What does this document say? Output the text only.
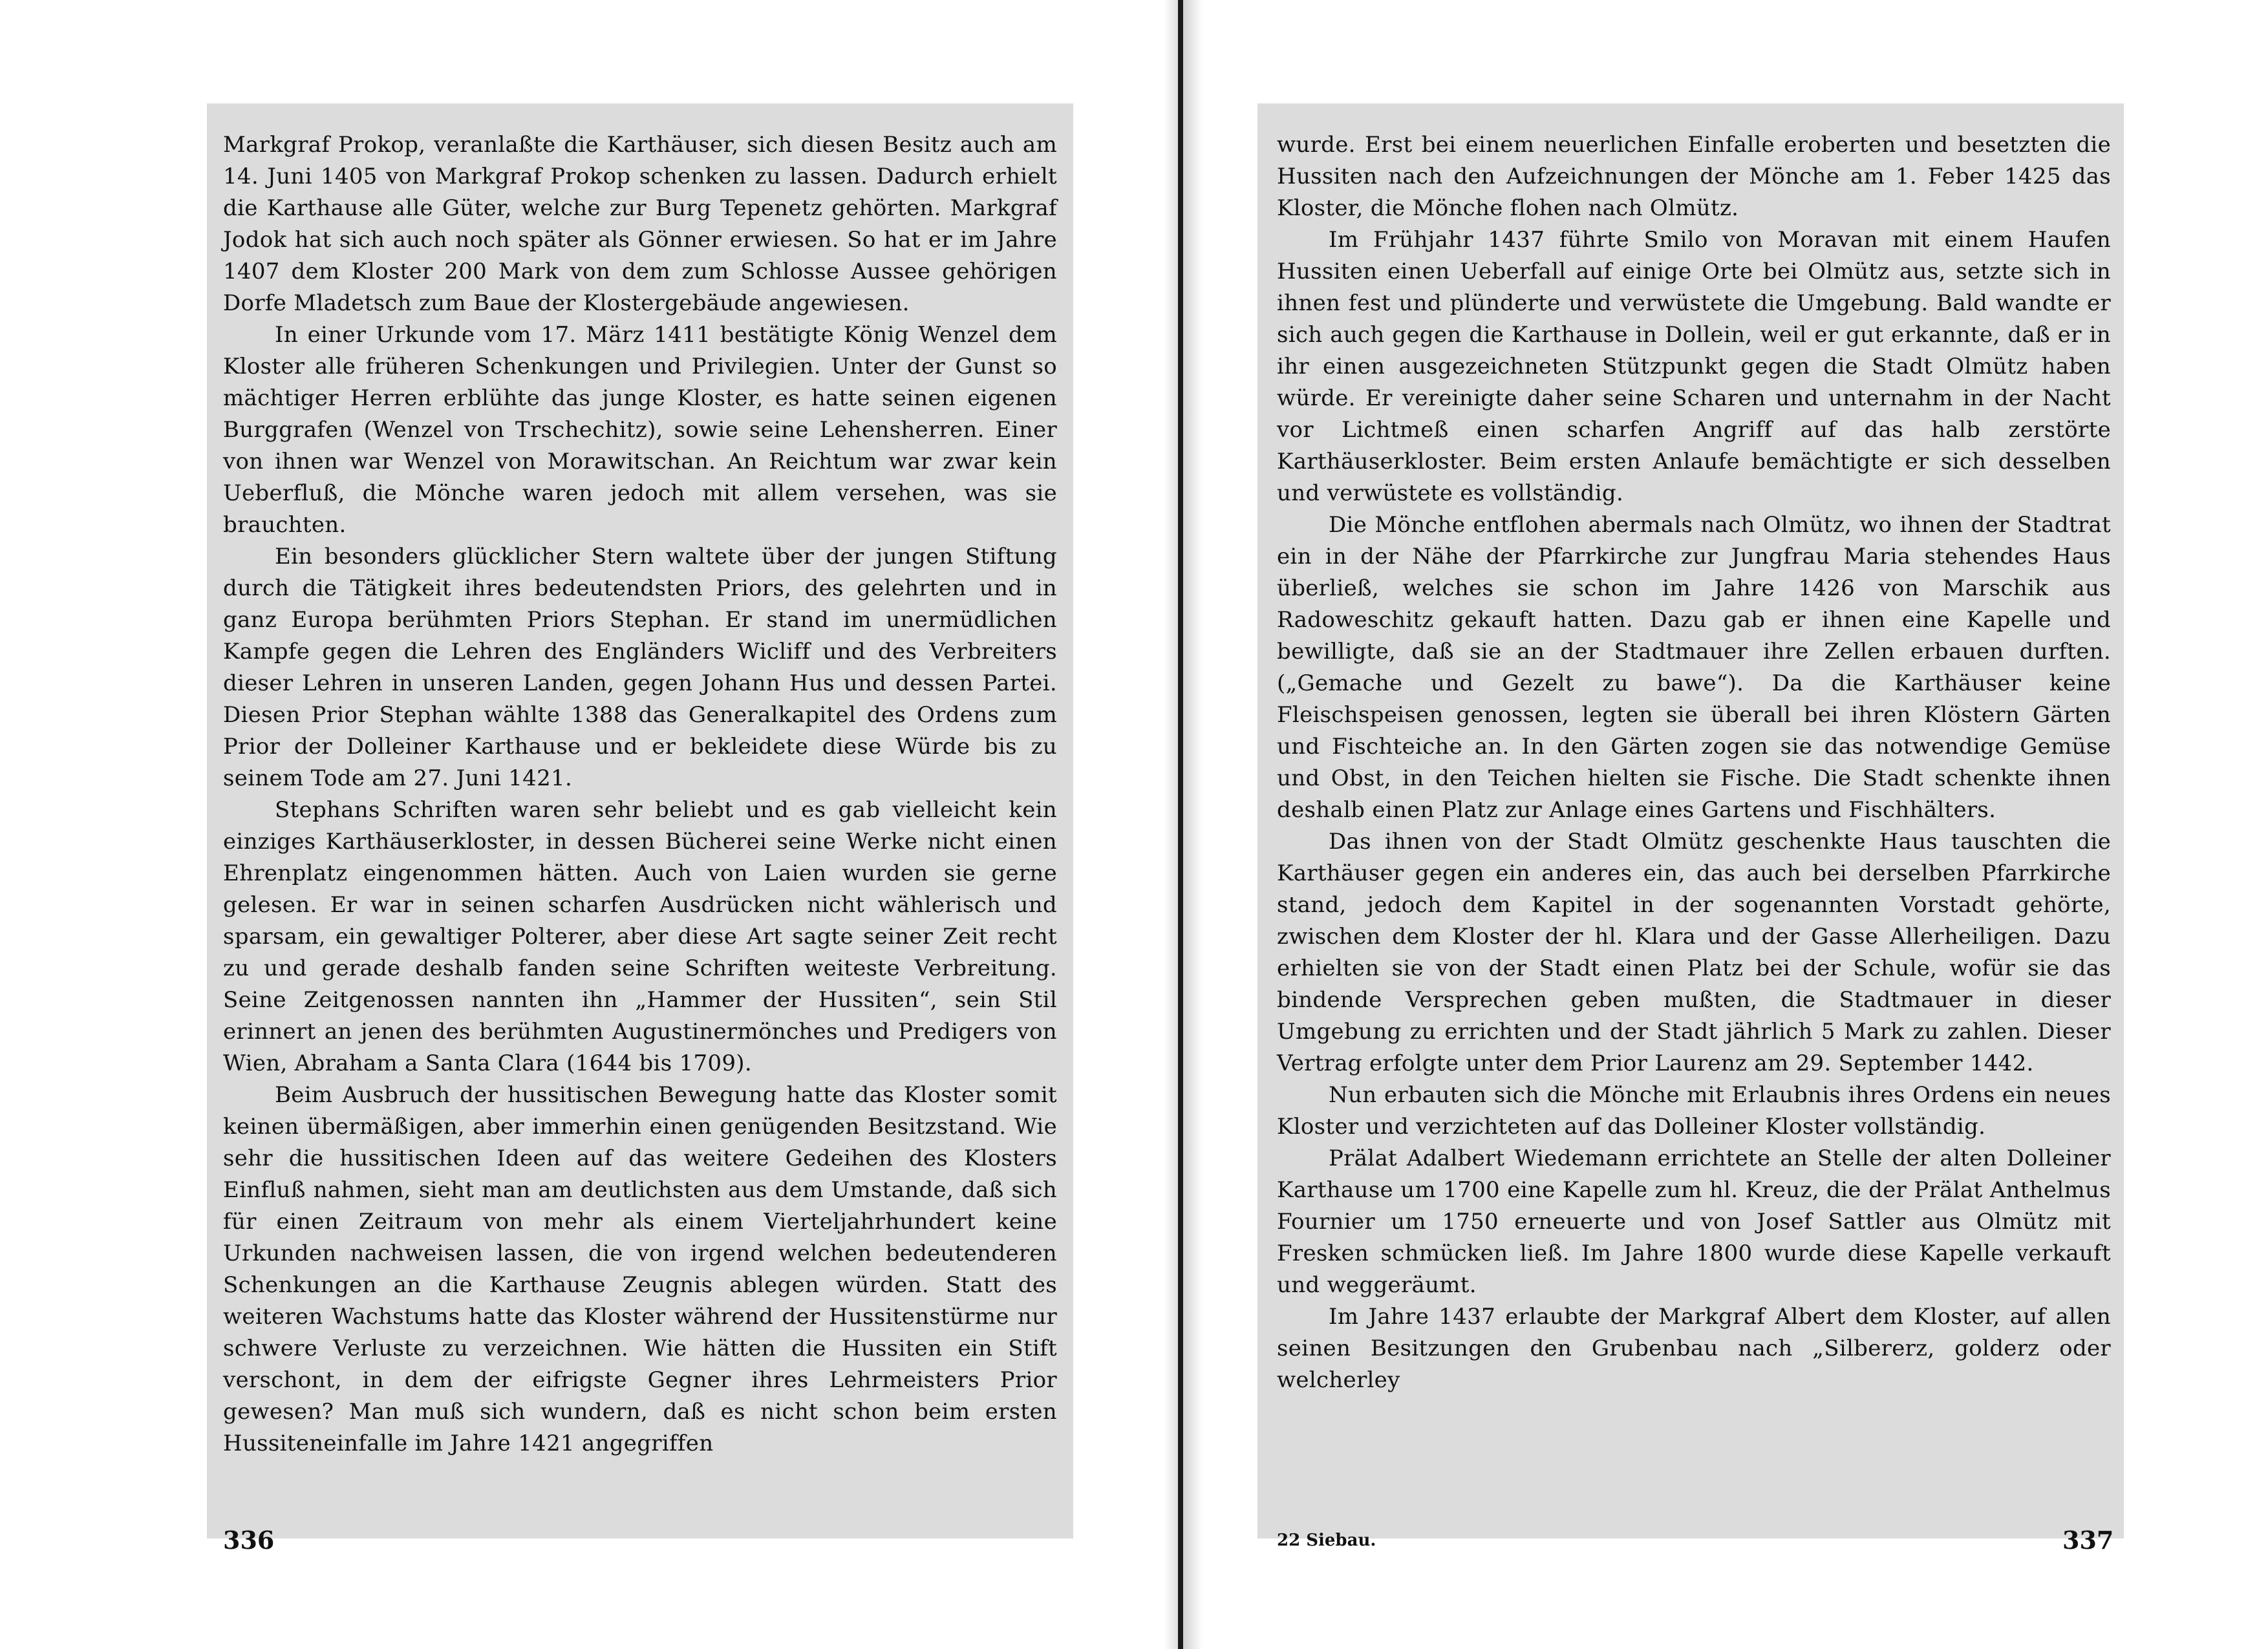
Markgraf Prokop, veranlaßte die Karthäuser, sich diesen Besitz auch am 14. Juni 1405 von Markgraf Prokop schenken zu lassen. Dadurch erhielt die Karthause alle Güter, welche zur Burg Tepenetz gehörten. Markgraf Jodok hat sich auch noch später als Gönner erwiesen. So hat er im Jahre 1407 dem Kloster 200 Mark von dem zum Schlosse Aussee gehörigen Dorfe Mladetsch zum Baue der Klostergebäude angewiesen.

In einer Urkunde vom 17. März 1411 bestätigte König Wenzel dem Kloster alle früheren Schenkungen und Privilegien. Unter der Gunst so mächtiger Herren erblühte das junge Kloster, es hatte seinen eigenen Burggrafen (Wenzel von Trschechitz), sowie seine Lehensherren. Einer von ihnen war Wenzel von Morawitschan. An Reichtum war zwar kein Ueberfluß, die Mönche waren jedoch mit allem versehen, was sie brauchten.

Ein besonders glücklicher Stern waltete über der jungen Stiftung durch die Tätigkeit ihres bedeutendsten Priors, des gelehrten und in ganz Europa berühmten Priors Stephan. Er stand im unermüdlichen Kampfe gegen die Lehren des Engländers Wicliff und des Verbreiters dieser Lehren in unseren Landen, gegen Johann Hus und dessen Partei. Diesen Prior Stephan wählte 1388 das Generalkapitel des Ordens zum Prior der Dolleiner Karthause und er bekleidete diese Würde bis zu seinem Tode am 27. Juni 1421.

Stephans Schriften waren sehr beliebt und es gab vielleicht kein einziges Karthäuserkloster, in dessen Bücherei seine Werke nicht einen Ehrenplatz eingenommen hätten. Auch von Laien wurden sie gerne gelesen. Er war in seinen scharfen Ausdrücken nicht wählerisch und sparsam, ein gewaltiger Polterer, aber diese Art sagte seiner Zeit recht zu und gerade deshalb fanden seine Schriften weiteste Verbreitung. Seine Zeitgenossen nannten ihn „Hammer der Hussiten“, sein Stil erinnert an jenen des berühmten Augustinermönches und Predigers von Wien, Abraham a Santa Clara (1644 bis 1709).

Beim Ausbruch der hussitischen Bewegung hatte das Kloster somit keinen übermäßigen, aber immerhin einen genügenden Besitzstand. Wie sehr die hussitischen Ideen auf das weitere Gedeihen des Klosters Einfluß nahmen, sieht man am deutlichsten aus dem Umstande, daß sich für einen Zeitraum von mehr als einem Vierteljahrhundert keine Urkunden nachweisen lassen, die von irgend welchen bedeutenderen Schenkungen an die Karthause Zeugnis ablegen würden. Statt des weiteren Wachstums hatte das Kloster während der Hussitenstürme nur schwere Verluste zu verzeichnen. Wie hätten die Hussiten ein Stift verschont, in dem der eifrigste Gegner ihres Lehrmeisters Prior gewesen? Man muß sich wundern, daß es nicht schon beim ersten Hussiteneinfalle im Jahre 1421 angegriffen

wurde. Erst bei einem neuerlichen Einfalle eroberten und besetzten die Hussiten nach den Aufzeichnungen der Mönche am 1. Feber 1425 das Kloster, die Mönche flohen nach Olmütz.

Im Frühjahr 1437 führte Smilo von Moravan mit einem Haufen Hussiten einen Ueberfall auf einige Orte bei Olmütz aus, setzte sich in ihnen fest und plünderte und verwüstete die Umgebung. Bald wandte er sich auch gegen die Karthause in Dollein, weil er gut erkannte, daß er in ihr einen ausgezeichneten Stützpunkt gegen die Stadt Olmütz haben würde. Er vereinigte daher seine Scharen und unternahm in der Nacht vor Lichtmeß einen scharfen Angriff auf das halb zerstörte Karthäuserkloster. Beim ersten Anlaufe bemächtigte er sich desselben und verwüstete es vollständig.

Die Mönche entflohen abermals nach Olmütz, wo ihnen der Stadtrat ein in der Nähe der Pfarrkirche zur Jungfrau Maria stehendes Haus überließ, welches sie schon im Jahre 1426 von Marschik aus Radoweschitz gekauft hatten. Dazu gab er ihnen eine Kapelle und bewilligte, daß sie an der Stadtmauer ihre Zellen erbauen durften. („Gemache und Gezelt zu bawe“). Da die Karthäuser keine Fleischspeisen genossen, legten sie überall bei ihren Klöstern Gärten und Fischteiche an. In den Gärten zogen sie das notwendige Gemüse und Obst, in den Teichen hielten sie Fische. Die Stadt schenkte ihnen deshalb einen Platz zur Anlage eines Gartens und Fischhälters.

Das ihnen von der Stadt Olmütz geschenkte Haus tauschten die Karthäuser gegen ein anderes ein, das auch bei derselben Pfarrkirche stand, jedoch dem Kapitel in der sogenannten Vorstadt gehörte, zwischen dem Kloster der hl. Klara und der Gasse Allerheiligen. Dazu erhielten sie von der Stadt einen Platz bei der Schule, wofür sie das bindende Versprechen geben mußten, die Stadtmauer in dieser Umgebung zu errichten und der Stadt jährlich 5 Mark zu zahlen. Dieser Vertrag erfolgte unter dem Prior Laurenz am 29. September 1442.

Nun erbauten sich die Mönche mit Erlaubnis ihres Ordens ein neues Kloster und verzichteten auf das Dolleiner Kloster vollständig.

Prälat Adalbert Wiedemann errichtete an Stelle der alten Dolleiner Karthause um 1700 eine Kapelle zum hl. Kreuz, die der Prälat Anthelmus Fournier um 1750 erneuerte und von Josef Sattler aus Olmütz mit Fresken schmücken ließ. Im Jahre 1800 wurde diese Kapelle verkauft und weggeräumt.

Im Jahre 1437 erlaubte der Markgraf Albert dem Kloster, auf allen seinen Besitzungen den Grubenbau nach „Silbererz, golderz oder welcherley

336	22 Siebau.	337
